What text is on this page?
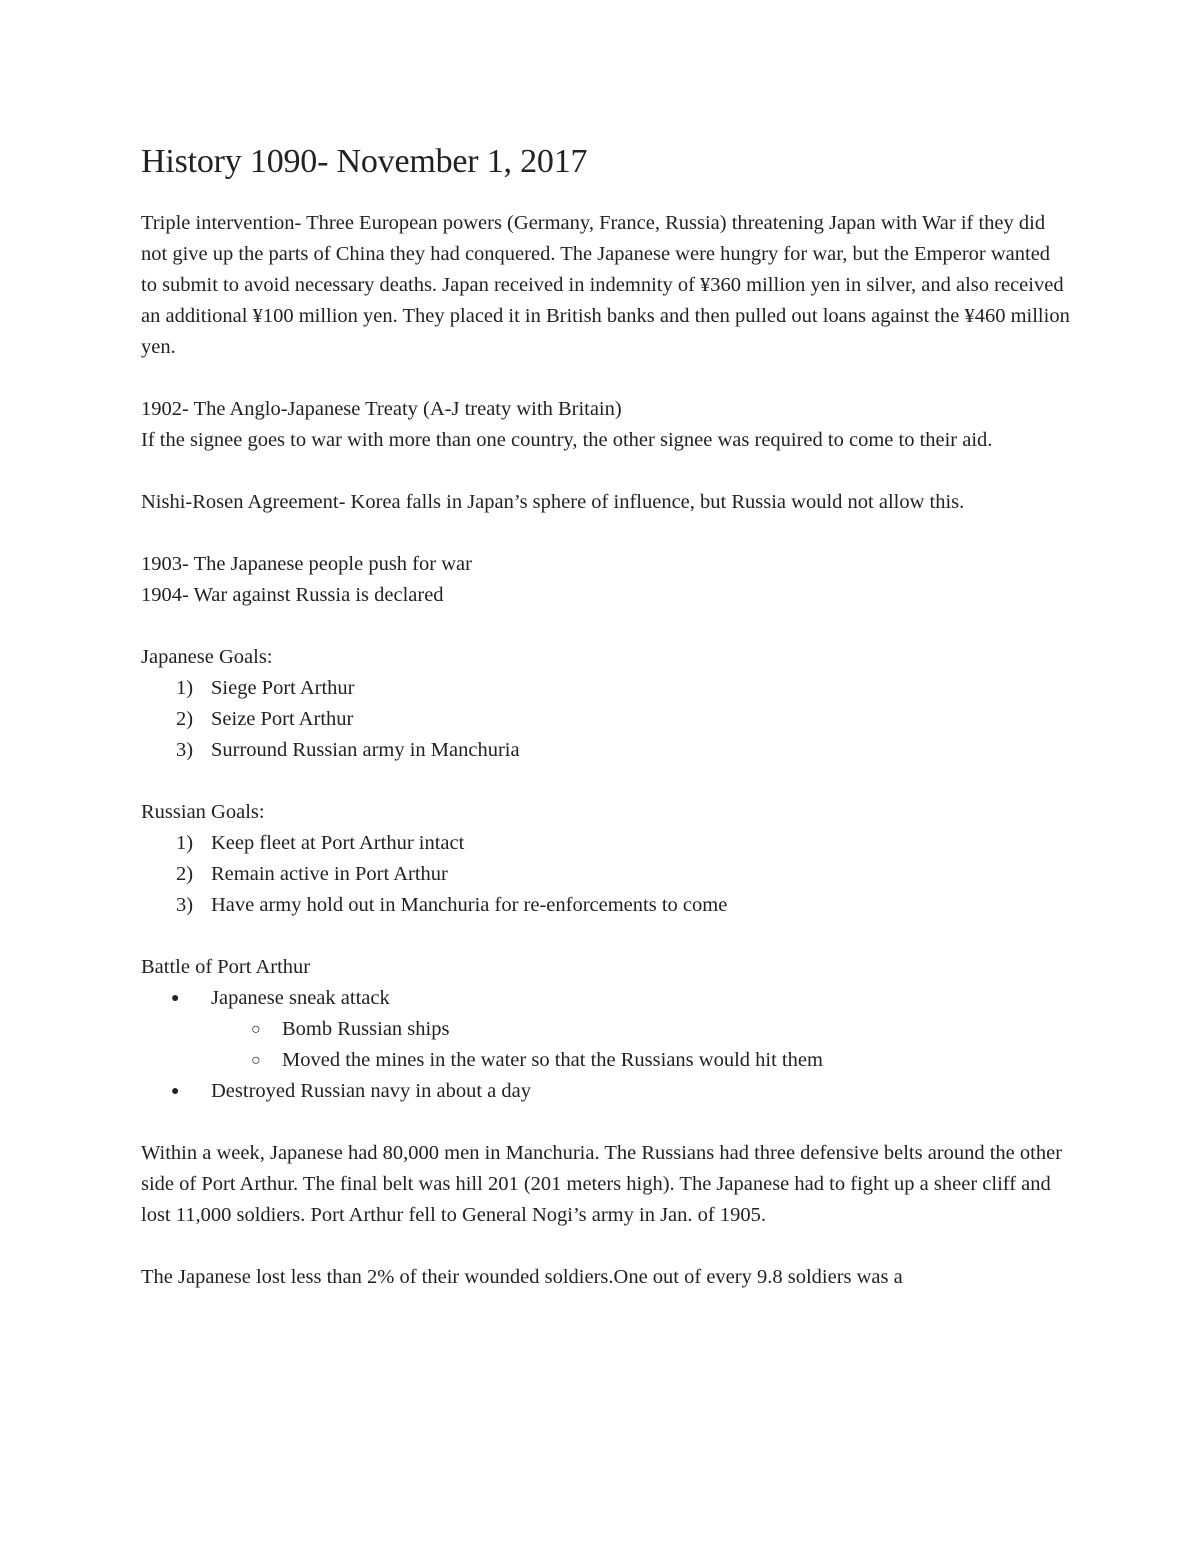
History 1090- November 1, 2017

Triple intervention- Three European powers (Germany, France, Russia) threatening Japan with War if they did not give up the parts of China they had conquered. The Japanese were hungry for war, but the Emperor wanted to submit to avoid necessary deaths. Japan received in indemnity of ¥360 million yen in silver, and also received an additional ¥100 million yen. They placed it in British banks and then pulled out loans against the ¥460 million yen.

1902- The Anglo-Japanese Treaty (A-J treaty with Britain)

If the signee goes to war with more than one country, the other signee was required to come to their aid.

Nishi-Rosen Agreement- Korea falls in Japan’s sphere of influence, but Russia would not allow this.

1903- The Japanese people push for war

1904- War against Russia is declared

Japanese Goals:

1) Siege Port Arthur
2) Seize Port Arthur
3) Surround Russian army in Manchuria

Russian Goals:

1) Keep fleet at Port Arthur intact
2) Remain active in Port Arthur
3) Have army hold out in Manchuria for re-enforcements to come

Battle of Port Arthur

● Japanese sneak attack
○ Bomb Russian ships
○ Moved the mines in the water so that the Russians would hit them
● Destroyed Russian navy in about a day

Within a week, Japanese had 80,000 men in Manchuria. The Russians had three defensive belts around the other side of Port Arthur. The final belt was hill 201 (201 meters high). The Japanese had to fight up a sheer cliff and lost 11,000 soldiers. Port Arthur fell to General Nogi’s army in Jan. of 1905.

The Japanese lost less than 2% of their wounded soldiers.One out of every 9.8 soldiers was a
